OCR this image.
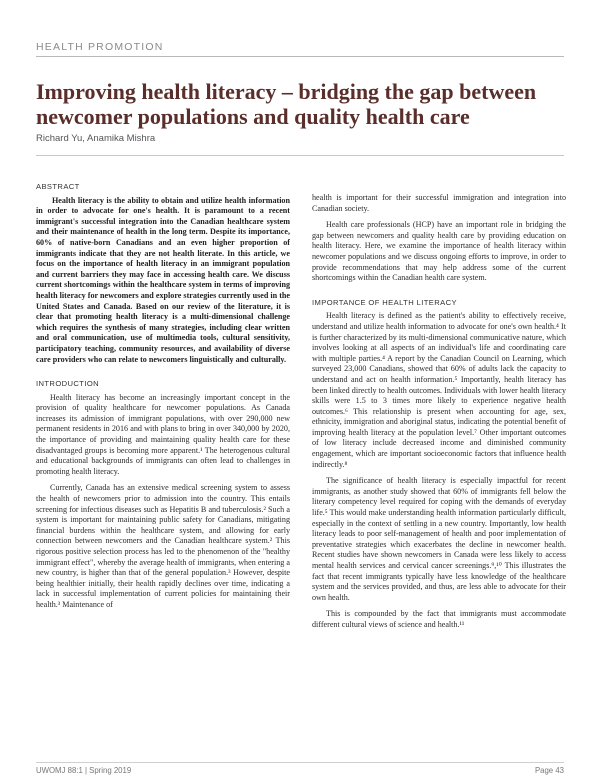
HEALTH PROMOTION
Improving health literacy – bridging the gap between newcomer populations and quality health care
Richard Yu, Anamika Mishra
ABSTRACT

Health literacy is the ability to obtain and utilize health information in order to advocate for one's health. It is paramount to a recent immigrant's successful integration into the Canadian healthcare system and their maintenance of health in the long term. Despite its importance, 60% of native-born Canadians and an even higher proportion of immigrants indicate that they are not health literate. In this article, we focus on the importance of health literacy in an immigrant population and current barriers they may face in accessing health care. We discuss current shortcomings within the healthcare system in terms of improving health literacy for newcomers and explore strategies currently used in the United States and Canada. Based on our review of the literature, it is clear that promoting health literacy is a multi-dimensional challenge which requires the synthesis of many strategies, including clear written and oral communication, use of multimedia tools, cultural sensitivity, participatory teaching, community resources, and availability of diverse care providers who can relate to newcomers linguistically and culturally.

INTRODUCTION

Health literacy has become an increasingly important concept in the provision of quality healthcare for newcomer populations. As Canada increases its admission of immigrant populations, with over 290,000 new permanent residents in 2016 and with plans to bring in over 340,000 by 2020, the importance of providing and maintaining quality health care for these disadvantaged groups is becoming more apparent.¹ The heterogenous cultural and educational backgrounds of immigrants can often lead to challenges in promoting health literacy.

Currently, Canada has an extensive medical screening system to assess the health of newcomers prior to admission into the country. This entails screening for infectious diseases such as Hepatitis B and tuberculosis.² Such a system is important for maintaining public safety for Canadians, mitigating financial burdens within the healthcare system, and allowing for early connection between newcomers and the Canadian healthcare system.² This rigorous positive selection process has led to the phenomenon of the "healthy immigrant effect", whereby the average health of immigrants, when entering a new country, is higher than that of the general population.³ However, despite being healthier initially, their health rapidly declines over time, indicating a lack in successful implementation of current policies for maintaining their health.³ Maintenance of

health is important for their successful immigration and integration into Canadian society.

Health care professionals (HCP) have an important role in bridging the gap between newcomers and quality health care by providing education on health literacy. Here, we examine the importance of health literacy within newcomer populations and we discuss ongoing efforts to improve, in order to provide recommendations that may help address some of the current shortcomings within the Canadian health care system.

IMPORTANCE OF HEALTH LITERACY

Health literacy is defined as the patient's ability to effectively receive, understand and utilize health information to advocate for one's own health.⁴ It is further characterized by its multi-dimensional communicative nature, which involves looking at all aspects of an individual's life and coordinating care with multiple parties.⁴ A report by the Canadian Council on Learning, which surveyed 23,000 Canadians, showed that 60% of adults lack the capacity to understand and act on health information.⁵ Importantly, health literacy has been linked directly to health outcomes. Individuals with lower health literacy skills were 1.5 to 3 times more likely to experience negative health outcomes.⁶ This relationship is present when accounting for age, sex, ethnicity, immigration and aboriginal status, indicating the potential benefit of improving health literacy at the population level.⁷ Other important outcomes of low literacy include decreased income and diminished community engagement, which are important socioeconomic factors that influence health indirectly.⁸

The significance of health literacy is especially impactful for recent immigrants, as another study showed that 60% of immigrants fell below the literary competency level required for coping with the demands of everyday life.⁵ This would make understanding health information particularly difficult, especially in the context of settling in a new country. Importantly, low health literacy leads to poor self-management of health and poor implementation of preventative strategies which exacerbates the decline in newcomer health. Recent studies have shown newcomers in Canada were less likely to access mental health services and cervical cancer screenings.⁹,¹⁰ This illustrates the fact that recent immigrants typically have less knowledge of the healthcare system and the services provided, and thus, are less able to advocate for their own health.

This is compounded by the fact that immigrants must accommodate different cultural views of science and health.¹¹

UWOMJ 88:1 | Spring 2019	Page 43
